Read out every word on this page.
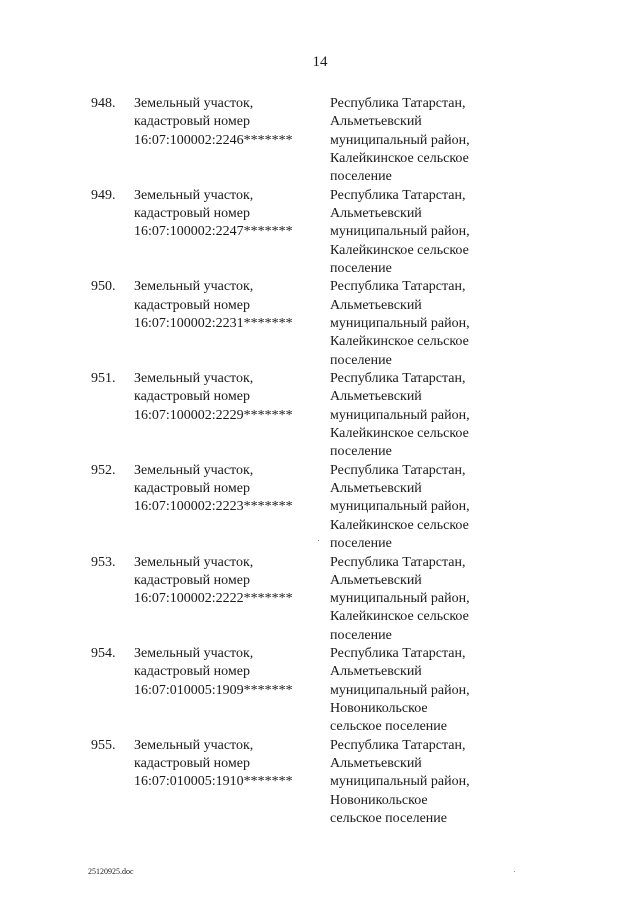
14
948. Земельный участок,
кадастровый номер
16:07:100002:2246*******
Республика Татарстан,
Альметьевский
муниципальный район,
Калейкинское сельское
поселение
949. Земельный участок,
кадастровый номер
16:07:100002:2247*******
Республика Татарстан,
Альметьевский
муниципальный район,
Калейкинское сельское
поселение
950. Земельный участок,
кадастровый номер
16:07:100002:2231*******
Республика Татарстан,
Альметьевский
муниципальный район,
Калейкинское сельское
поселение
951. Земельный участок,
кадастровый номер
16:07:100002:2229*******
Республика Татарстан,
Альметьевский
муниципальный район,
Калейкинское сельское
поселение
952. Земельный участок,
кадастровый номер
16:07:100002:2223*******
Республика Татарстан,
Альметьевский
муниципальный район,
Калейкинское сельское
поселение
953. Земельный участок,
кадастровый номер
16:07:100002:2222*******
Республика Татарстан,
Альметьевский
муниципальный район,
Калейкинское сельское
поселение
954. Земельный участок,
кадастровый номер
16:07:010005:1909*******
Республика Татарстан,
Альметьевский
муниципальный район,
Новоникольское
сельское поселение
955. Земельный участок,
кадастровый номер
16:07:010005:1910*******
Республика Татарстан,
Альметьевский
муниципальный район,
Новоникольское
сельское поселение
25120925.doc
